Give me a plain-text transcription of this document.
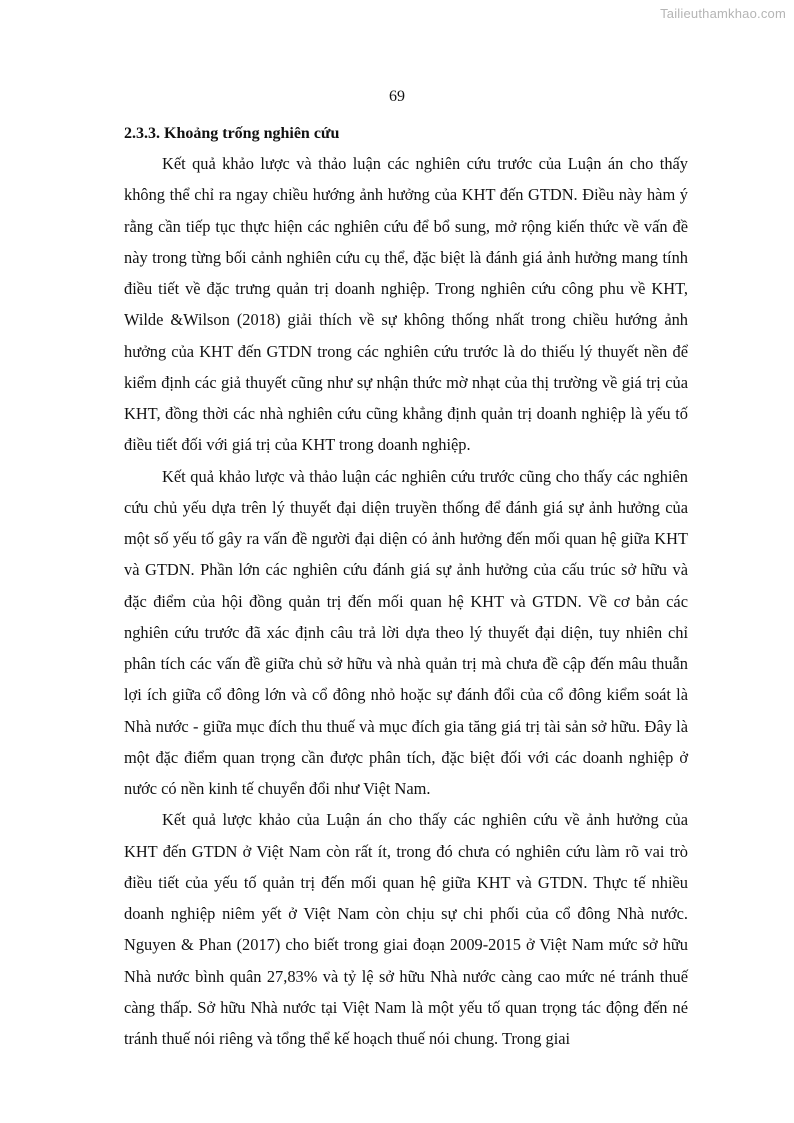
Tailieuthamkhao.com
69
2.3.3. Khoảng trống nghiên cứu

Kết quả khảo lược và thảo luận các nghiên cứu trước của Luận án cho thấy không thể chỉ ra ngay chiều hướng ảnh hưởng của KHT đến GTDN. Điều này hàm ý rằng cần tiếp tục thực hiện các nghiên cứu để bổ sung, mở rộng kiến thức về vấn đề này trong từng bối cảnh nghiên cứu cụ thể, đặc biệt là đánh giá ảnh hưởng mang tính điều tiết về đặc trưng quản trị doanh nghiệp. Trong nghiên cứu công phu về KHT, Wilde &Wilson (2018) giải thích về sự không thống nhất trong chiều hướng ảnh hưởng của KHT đến GTDN trong các nghiên cứu trước là do thiếu lý thuyết nền để kiểm định các giả thuyết cũng như sự nhận thức mờ nhạt của thị trường về giá trị của KHT, đồng thời các nhà nghiên cứu cũng khẳng định quản trị doanh nghiệp là yếu tố điều tiết đối với giá trị của KHT trong doanh nghiệp.

Kết quả khảo lược và thảo luận các nghiên cứu trước cũng cho thấy các nghiên cứu chủ yếu dựa trên lý thuyết đại diện truyền thống để đánh giá sự ảnh hưởng của một số yếu tố gây ra vấn đề người đại diện có ảnh hưởng đến mối quan hệ giữa KHT và GTDN. Phần lớn các nghiên cứu đánh giá sự ảnh hưởng của cấu trúc sở hữu và đặc điểm của hội đồng quản trị đến mối quan hệ KHT và GTDN. Về cơ bản các nghiên cứu trước đã xác định câu trả lời dựa theo lý thuyết đại diện, tuy nhiên chỉ phân tích các vấn đề giữa chủ sở hữu và nhà quản trị mà chưa đề cập đến mâu thuẫn lợi ích giữa cổ đông lớn và cổ đông nhỏ hoặc sự đánh đổi của cổ đông kiểm soát là Nhà nước - giữa mục đích thu thuế và mục đích gia tăng giá trị tài sản sở hữu. Đây là một đặc điểm quan trọng cần được phân tích, đặc biệt đối với các doanh nghiệp ở nước có nền kinh tế chuyển đổi như Việt Nam.

Kết quả lược khảo của Luận án cho thấy các nghiên cứu về ảnh hưởng của KHT đến GTDN ở Việt Nam còn rất ít, trong đó chưa có nghiên cứu làm rõ vai trò điều tiết của yếu tố quản trị đến mối quan hệ giữa KHT và GTDN. Thực tế nhiều doanh nghiệp niêm yết ở Việt Nam còn chịu sự chi phối của cổ đông Nhà nước. Nguyen & Phan (2017) cho biết trong giai đoạn 2009-2015 ở Việt Nam mức sở hữu Nhà nước bình quân 27,83% và tỷ lệ sở hữu Nhà nước càng cao mức né tránh thuế càng thấp. Sở hữu Nhà nước tại Việt Nam là một yếu tố quan trọng tác động đến né tránh thuế nói riêng và tổng thể kế hoạch thuế nói chung. Trong giai
